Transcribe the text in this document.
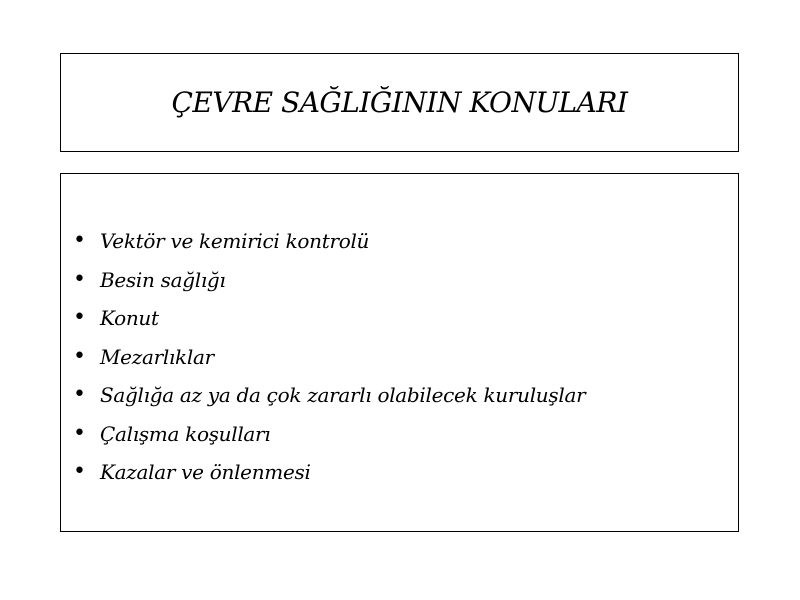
ÇEVRE SAĞLIĞININ KONULARI
• Vektör ve kemirici kontrolü
• Besin sağlığı
• Konut
• Mezarlıklar
• Sağlığa az ya da çok zararlı olabilecek kuruluşlar
• Çalışma koşulları
• Kazalar ve önlenmesi
